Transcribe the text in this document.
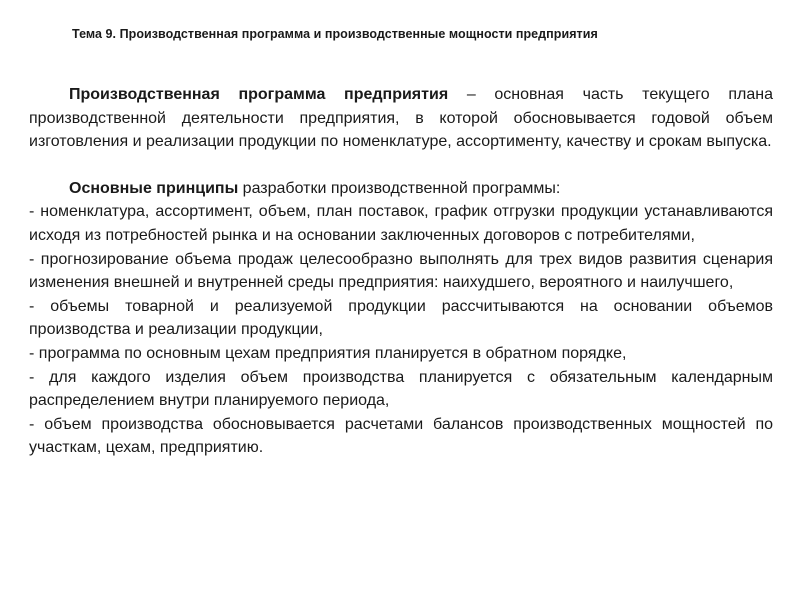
Тема 9. Производственная программа и производственные мощности предприятия

Производственная программа предприятия – основная часть текущего плана производственной деятельности предприятия, в которой обосновывается годовой объем изготовления и реализации продукции по номенклатуре, ассортименту, качеству и срокам выпуска.

Основные принципы разработки производственной программы:

- номенклатура, ассортимент, объем, план поставок, график отгрузки продукции устанавливаются исходя из потребностей рынка и на основании заключенных договоров с потребителями,
- прогнозирование объема продаж целесообразно выполнять для трех видов развития сценария изменения внешней и внутренней среды предприятия: наихудшего, вероятного и наилучшего,
- объемы товарной и реализуемой продукции рассчитываются на основании объемов производства и реализации продукции,
- программа по основным цехам предприятия планируется в обратном порядке,
- для каждого изделия объем производства планируется с обязательным календарным распределением внутри планируемого периода,
- объем производства обосновывается расчетами балансов производственных мощностей по участкам, цехам, предприятию.
